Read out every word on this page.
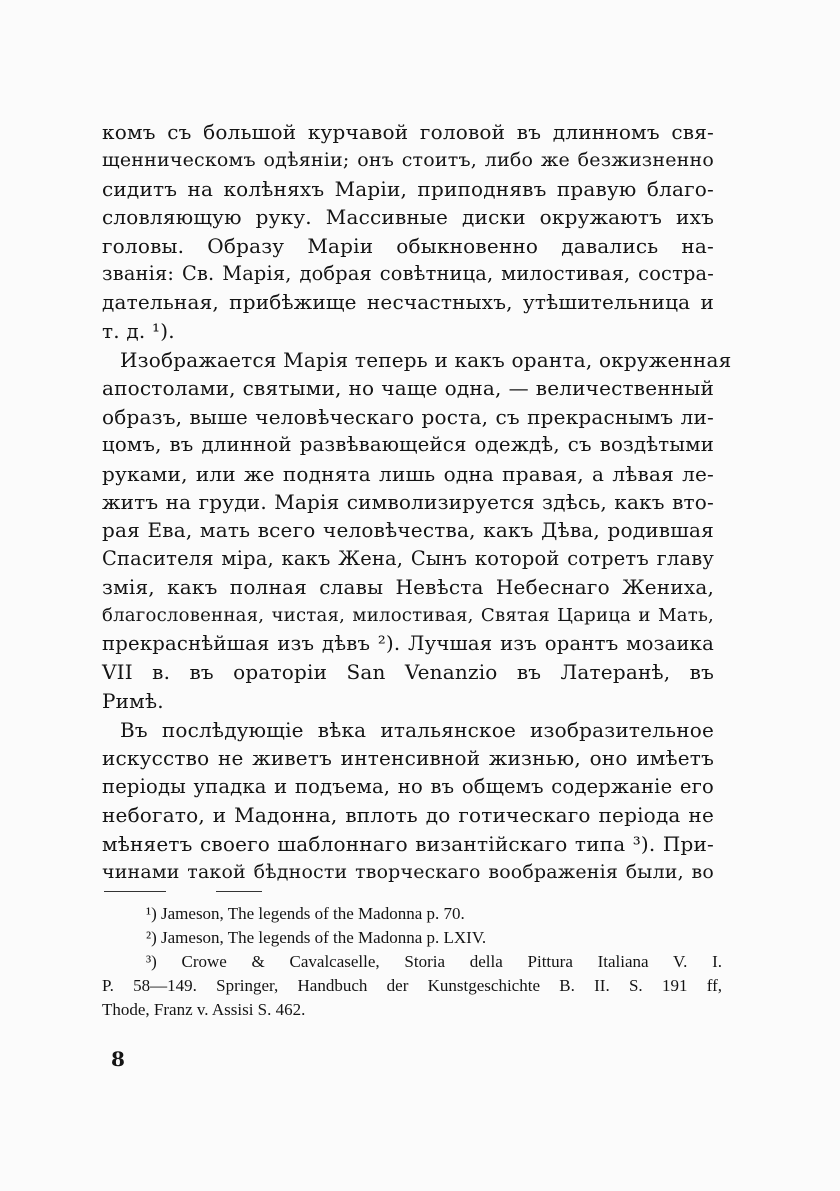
комъ съ большой курчавой головой въ длинномъ свя-
щенническомъ одѣяніи; онъ стоитъ, либо же безжизненно
сидитъ на колѣняхъ Маріи, приподнявъ правую благо-
словляющую руку. Массивные диски окружаютъ ихъ
головы. Образу Маріи обыкновенно давались на-
званія: Св. Марія, добрая совѣтница, милостивая, сострa-
дательная, прибѣжище несчастныхъ, утѣшительница и
т. д. ¹).
Изображается Марія теперь и какъ оранта, окруженная
апостолами, святыми, но чаще одна, — величественный
образъ, выше человѣческаго роста, съ прекраснымъ ли-
цомъ, въ длинной развѣвающейся одеждѣ, съ воздѣтыми
руками, или же поднята лишь одна правая, а лѣвая ле-
житъ на груди. Марія символизируется здѣсь, какъ вто-
рая Ева, мать всего человѣчества, какъ Дѣва, родившая
Спасителя міра, какъ Жена, Сынъ которой сотретъ главу
змія, какъ полная славы Невѣста Небеснаго Жениха,
благословенная, чистая, милостивая, Святая Царица и Мать,
прекраснѣйшая изъ дѣвъ ²). Лучшая изъ орантъ мозаика
VII в. въ ораторіи San Venanzio въ Латеранѣ, въ
Римѣ.
Въ послѣдующіе вѣка итальянское изобразительное
искусство не живетъ интенсивной жизнью, оно имѣетъ
періоды упадка и подъема, но въ общемъ содержаніе его
небогато, и Мадонна, вплоть до готическаго періода не
мѣняетъ своего шаблоннаго византійскаго типа ³). При-
чинами такой бѣдности творческаго воображенія были, во
¹) Jameson, The legends of the Madonna p. 70.
²) Jameson, The legends of the Madonna p. LXIV.
³) Crowe & Cavalcaselle, Storia della Pittura Italiana V. I.
P. 58—149. Springer, Handbuch der Kunstgeschichte B. II. S. 191 ff,
Thode, Franz v. Assisi S. 462.
8
